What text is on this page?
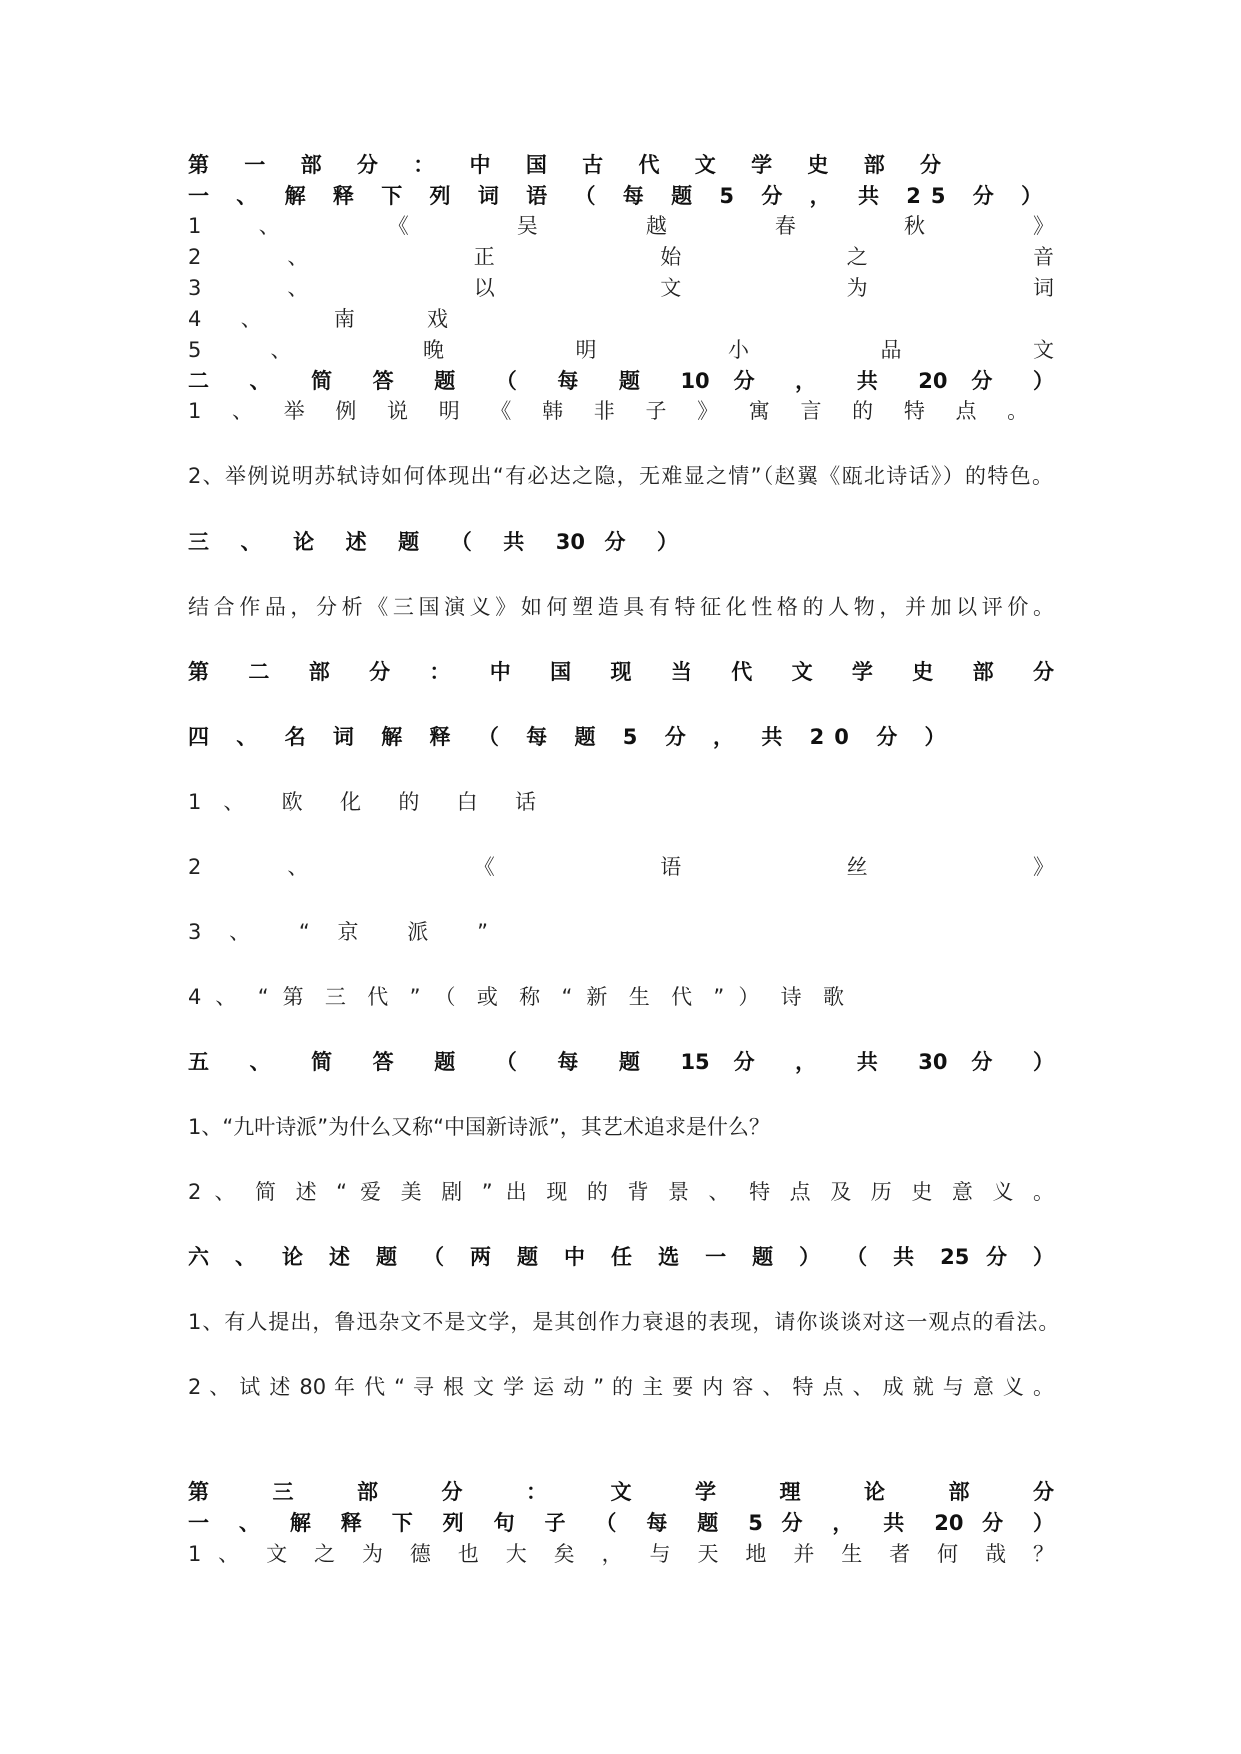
第 一 部 分 ： 中 国 古 代 文 学 史 部 分
一 、 解 释 下 列 词 语 （ 每 题 5 分 ， 共 25 分 ）
1 、 《 吴 越 春 秋 》
2 、 正 始 之 音
3 、 以 文 为 词
4 、 南 戏
5 、 晚 明 小 品 文
二 、 简 答 题 （ 每 题 10 分 ， 共 20 分 ）
1 、 举 例 说 明 《 韩 非 子 》 寓 言 的 特 点 。
2、举例说明苏轼诗如何体现出“有必达之隐，无难显之情”（赵翼《瓯北诗话》）的特色。
三 、 论 述 题 （ 共 30 分 ）
结合作品，分析《三国演义》如何塑造具有特征化性格的人物，并加以评价。
第 二 部 分 ： 中 国 现 当 代 文 学 史 部 分
四 、 名 词 解 释 （ 每 题 5 分 ， 共 20 分 ）
1 、 欧 化 的 白 话
2 、 《 语 丝 》
3 、 “ 京 派 ”
4 、 “ 第 三 代 ” （ 或 称 “ 新 生 代 ” ） 诗 歌
五 、 简 答 题 （ 每 题 15 分 ， 共 30 分 ）
1、“九叶诗派”为什么又称“中国新诗派”，其艺术追求是什么？
2 、 简 述 “ 爱 美 剧 ” 出 现 的 背 景 、 特 点 及 历 史 意 义 。
六 、 论 述 题 （ 两 题 中 任 选 一 题 ） （ 共 25 分 ）
1、有人提出，鲁迅杂文不是文学，是其创作力衰退的表现，请你谈谈对这一观点的看法。
2 、 试 述 80 年 代 “ 寻 根 文 学 运 动 ” 的 主 要 内 容 、 特 点 、 成 就 与 意 义 。
第 三 部 分 ： 文 学 理 论 部 分
一 、 解 释 下 列 句 子 （ 每 题 5 分 ， 共 20 分 ）
1 、 文 之 为 德 也 大 矣 ， 与 天 地 并 生 者 何 哉 ？
